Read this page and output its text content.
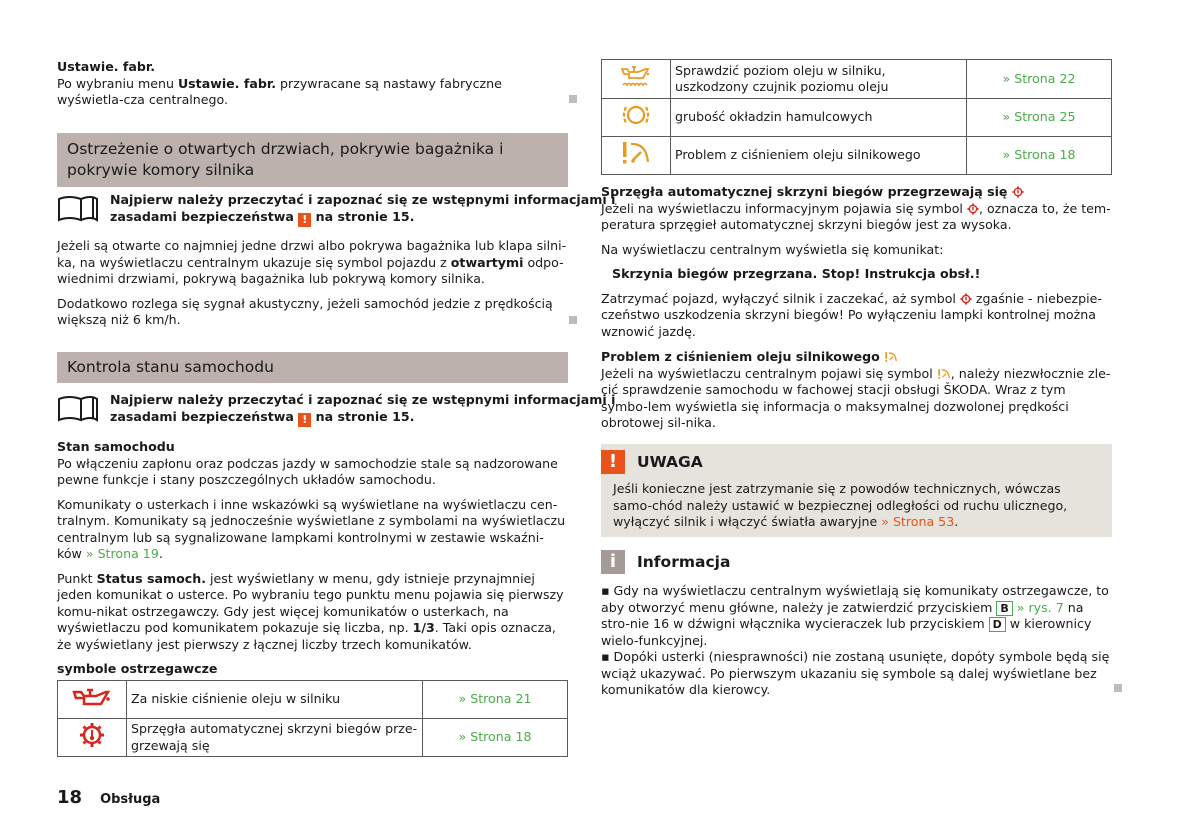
Ustawie. fabr.

Po wybraniu menu Ustawie. fabr. przywracane są nastawy fabryczne wyświetla-cza centralnego.

Ostrzeżenie o otwartych drzwiach, pokrywie bagażnika i pokrywie komory silnika
Najpierw należy przeczytać i zapoznać się ze wstępnymi informacjami i zasadami bezpieczeństwa ! na stronie 15.

Jeżeli są otwarte co najmniej jedne drzwi albo pokrywa bagażnika lub klapa silni-ka, na wyświetlaczu centralnym ukazuje się symbol pojazdu z otwartymi odpo-wiednimi drzwiami, pokrywą bagażnika lub pokrywą komory silnika.

Dodatkowo rozlega się sygnał akustyczny, jeżeli samochód jedzie z prędkością większą niż 6 km/h.

Kontrola stanu samochodu
Najpierw należy przeczytać i zapoznać się ze wstępnymi informacjami i zasadami bezpieczeństwa ! na stronie 15.

Stan samochodu

Po włączeniu zapłonu oraz podczas jazdy w samochodzie stale są nadzorowane pewne funkcje i stany poszczególnych układów samochodu.

Komunikaty o usterkach i inne wskazówki są wyświetlane na wyświetlaczu cen-tralnym. Komunikaty są jednocześnie wyświetlane z symbolami na wyświetlaczu centralnym lub są sygnalizowane lampkami kontrolnymi w zestawie wskaźni-ków » Strona 19.

Punkt Status samoch. jest wyświetlany w menu, gdy istnieje przynajmniej jeden komunikat o usterce. Po wybraniu tego punktu menu pojawia się pierwszy komu-nikat ostrzegawczy. Gdy jest więcej komunikatów o usterkach, na wyświetlaczu pod komunikatem pokazuje się liczba, np. 1/3. Taki opis oznacza, że wyświetlany jest pierwszy z łącznej liczby trzech komunikatów.

symbole ostrzegawcze

	Za niskie ciśnienie oleju w silniku	» Strona 21
	Sprzęgła automatycznej skrzyni biegów prze-grzewają się	» Strona 18
	Sprawdzić poziom oleju w silniku, uszkodzony czujnik poziomu oleju	» Strona 22
	grubość okładzin hamulcowych	» Strona 25
	Problem z ciśnieniem oleju silnikowego	» Strona 18

Sprzęgła automatycznej skrzyni biegów przegrzewają się

Jeżeli na wyświetlaczu informacyjnym pojawia się symbol , oznacza to, że tem-peratura sprzęgieł automatycznej skrzyni biegów jest za wysoka.

Na wyświetlaczu centralnym wyświetla się komunikat:

Skrzynia biegów przegrzana. Stop! Instrukcja obsł.!

Zatrzymać pojazd, wyłączyć silnik i zaczekać, aż symbol  zgaśnie - niebezpie-czeństwo uszkodzenia skrzyni biegów! Po wyłączeniu lampki kontrolnej można wznowić jazdę.

Problem z ciśnieniem oleju silnikowego

Jeżeli na wyświetlaczu centralnym pojawi się symbol , należy niezwłocznie zle-cić sprawdzenie samochodu w fachowej stacji obsługi ŠKODA. Wraz z tym symbo-lem wyświetla się informacja o maksymalnej dozwolonej prędkości obrotowej sil-nika.

!	UWAGA

Jeśli konieczne jest zatrzymanie się z powodów technicznych, wówczas samo-chód należy ustawić w bezpiecznej odległości od ruchu ulicznego, wyłączyć silnik i włączyć światła awaryjne » Strona 53.

i	Informacja

▪ Gdy na wyświetlaczu centralnym wyświetlają się komunikaty ostrzegawcze, to aby otworzyć menu główne, należy je zatwierdzić przyciskiem B » rys. 7 na stro-nie 16 w dźwigni włącznika wycieraczek lub przyciskiem D w kierownicy wielo-funkcyjnej.

▪ Dopóki usterki (niesprawności) nie zostaną usunięte, dopóty symbole będą się wciąż ukazywać. Po pierwszym ukazaniu się symbole są dalej wyświetlane bez komunikatów dla kierowcy.

18 Obsługa
